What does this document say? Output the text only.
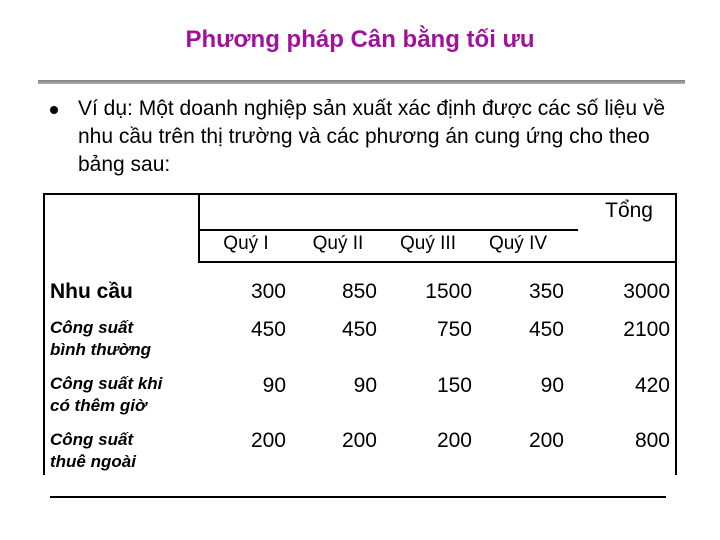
Phương pháp Cân bằng tối ưu
Ví dụ: Một doanh nghiệp sản xuất xác định được các số liệu về nhu cầu trên thị trường và các phương án cung ứng cho theo bảng sau:
Tổng
Quý I	Quý II	Quý III	Quý IV
Nhu cầu	300	850	1500	350	3000
Công suất
bình thường
450	450	750	450	2100
Công suất khi
có thêm giờ
90	90	150	90	420
Công suất
thuê ngoài
200	200	200	200	800
